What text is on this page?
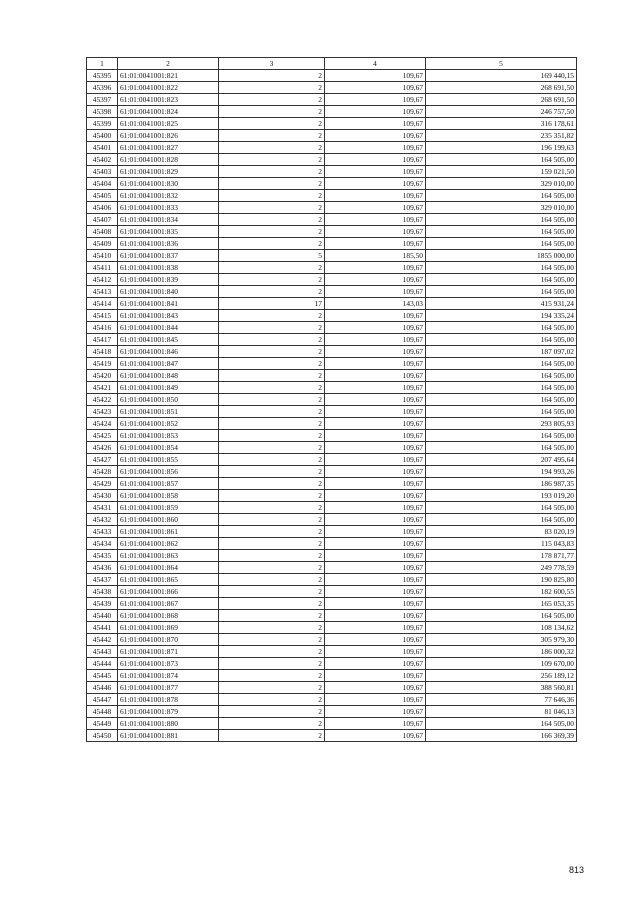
1	2	3	4	5
45395	61:01:0041001:821	2	109,67	169 440,15
45396	61:01:0041001:822	2	109,67	268 691,50
45397	61:01:0041001:823	2	109,67	268 691,50
45398	61:01:0041001:824	2	109,67	246 757,50
45399	61:01:0041001:825	2	109,67	316 178,61
45400	61:01:0041001:826	2	109,67	235 351,82
45401	61:01:0041001:827	2	109,67	196 199,63
45402	61:01:0041001:828	2	109,67	164 505,00
45403	61:01:0041001:829	2	109,67	159 021,50
45404	61:01:0041001:830	2	109,67	329 010,00
45405	61:01:0041001:832	2	109,67	164 505,00
45406	61:01:0041001:833	2	109,67	329 010,00
45407	61:01:0041001:834	2	109,67	164 505,00
45408	61:01:0041001:835	2	109,67	164 505,00
45409	61:01:0041001:836	2	109,67	164 505,00
45410	61:01:0041001:837	5	185,50	1855 000,00
45411	61:01:0041001:838	2	109,67	164 505,00
45412	61:01:0041001:839	2	109,67	164 505,00
45413	61:01:0041001:840	2	109,67	164 505,00
45414	61:01:0041001:841	17	143,03	415 931,24
45415	61:01:0041001:843	2	109,67	194 335,24
45416	61:01:0041001:844	2	109,67	164 505,00
45417	61:01:0041001:845	2	109,67	164 505,00
45418	61:01:0041001:846	2	109,67	187 097,02
45419	61:01:0041001:847	2	109,67	164 505,00
45420	61:01:0041001:848	2	109,67	164 505,00
45421	61:01:0041001:849	2	109,67	164 505,00
45422	61:01:0041001:850	2	109,67	164 505,00
45423	61:01:0041001:851	2	109,67	164 505,00
45424	61:01:0041001:852	2	109,67	293 805,93
45425	61:01:0041001:853	2	109,67	164 505,00
45426	61:01:0041001:854	2	109,67	164 505,00
45427	61:01:0041001:855	2	109,67	207 495,64
45428	61:01:0041001:856	2	109,67	194 993,26
45429	61:01:0041001:857	2	109,67	186 987,35
45430	61:01:0041001:858	2	109,67	193 019,20
45431	61:01:0041001:859	2	109,67	164 505,00
45432	61:01:0041001:860	2	109,67	164 505,00
45433	61:01:0041001:861	2	109,67	83 020,19
45434	61:01:0041001:862	2	109,67	115 043,83
45435	61:01:0041001:863	2	109,67	178 871,77
45436	61:01:0041001:864	2	109,67	249 778,59
45437	61:01:0041001:865	2	109,67	190 825,80
45438	61:01:0041001:866	2	109,67	182 600,55
45439	61:01:0041001:867	2	109,67	165 053,35
45440	61:01:0041001:868	2	109,67	164 505,00
45441	61:01:0041001:869	2	109,67	108 134,62
45442	61:01:0041001:870	2	109,67	305 979,30
45443	61:01:0041001:871	2	109,67	186 000,32
45444	61:01:0041001:873	2	109,67	109 670,00
45445	61:01:0041001:874	2	109,67	256 189,12
45446	61:01:0041001:877	2	109,67	388 560,81
45447	61:01:0041001:878	2	109,67	77 646,36
45448	61:01:0041001:879	2	109,67	81 046,13
45449	61:01:0041001:880	2	109,67	164 505,00
45450	61:01:0041001:881	2	109,67	166 369,39
813
